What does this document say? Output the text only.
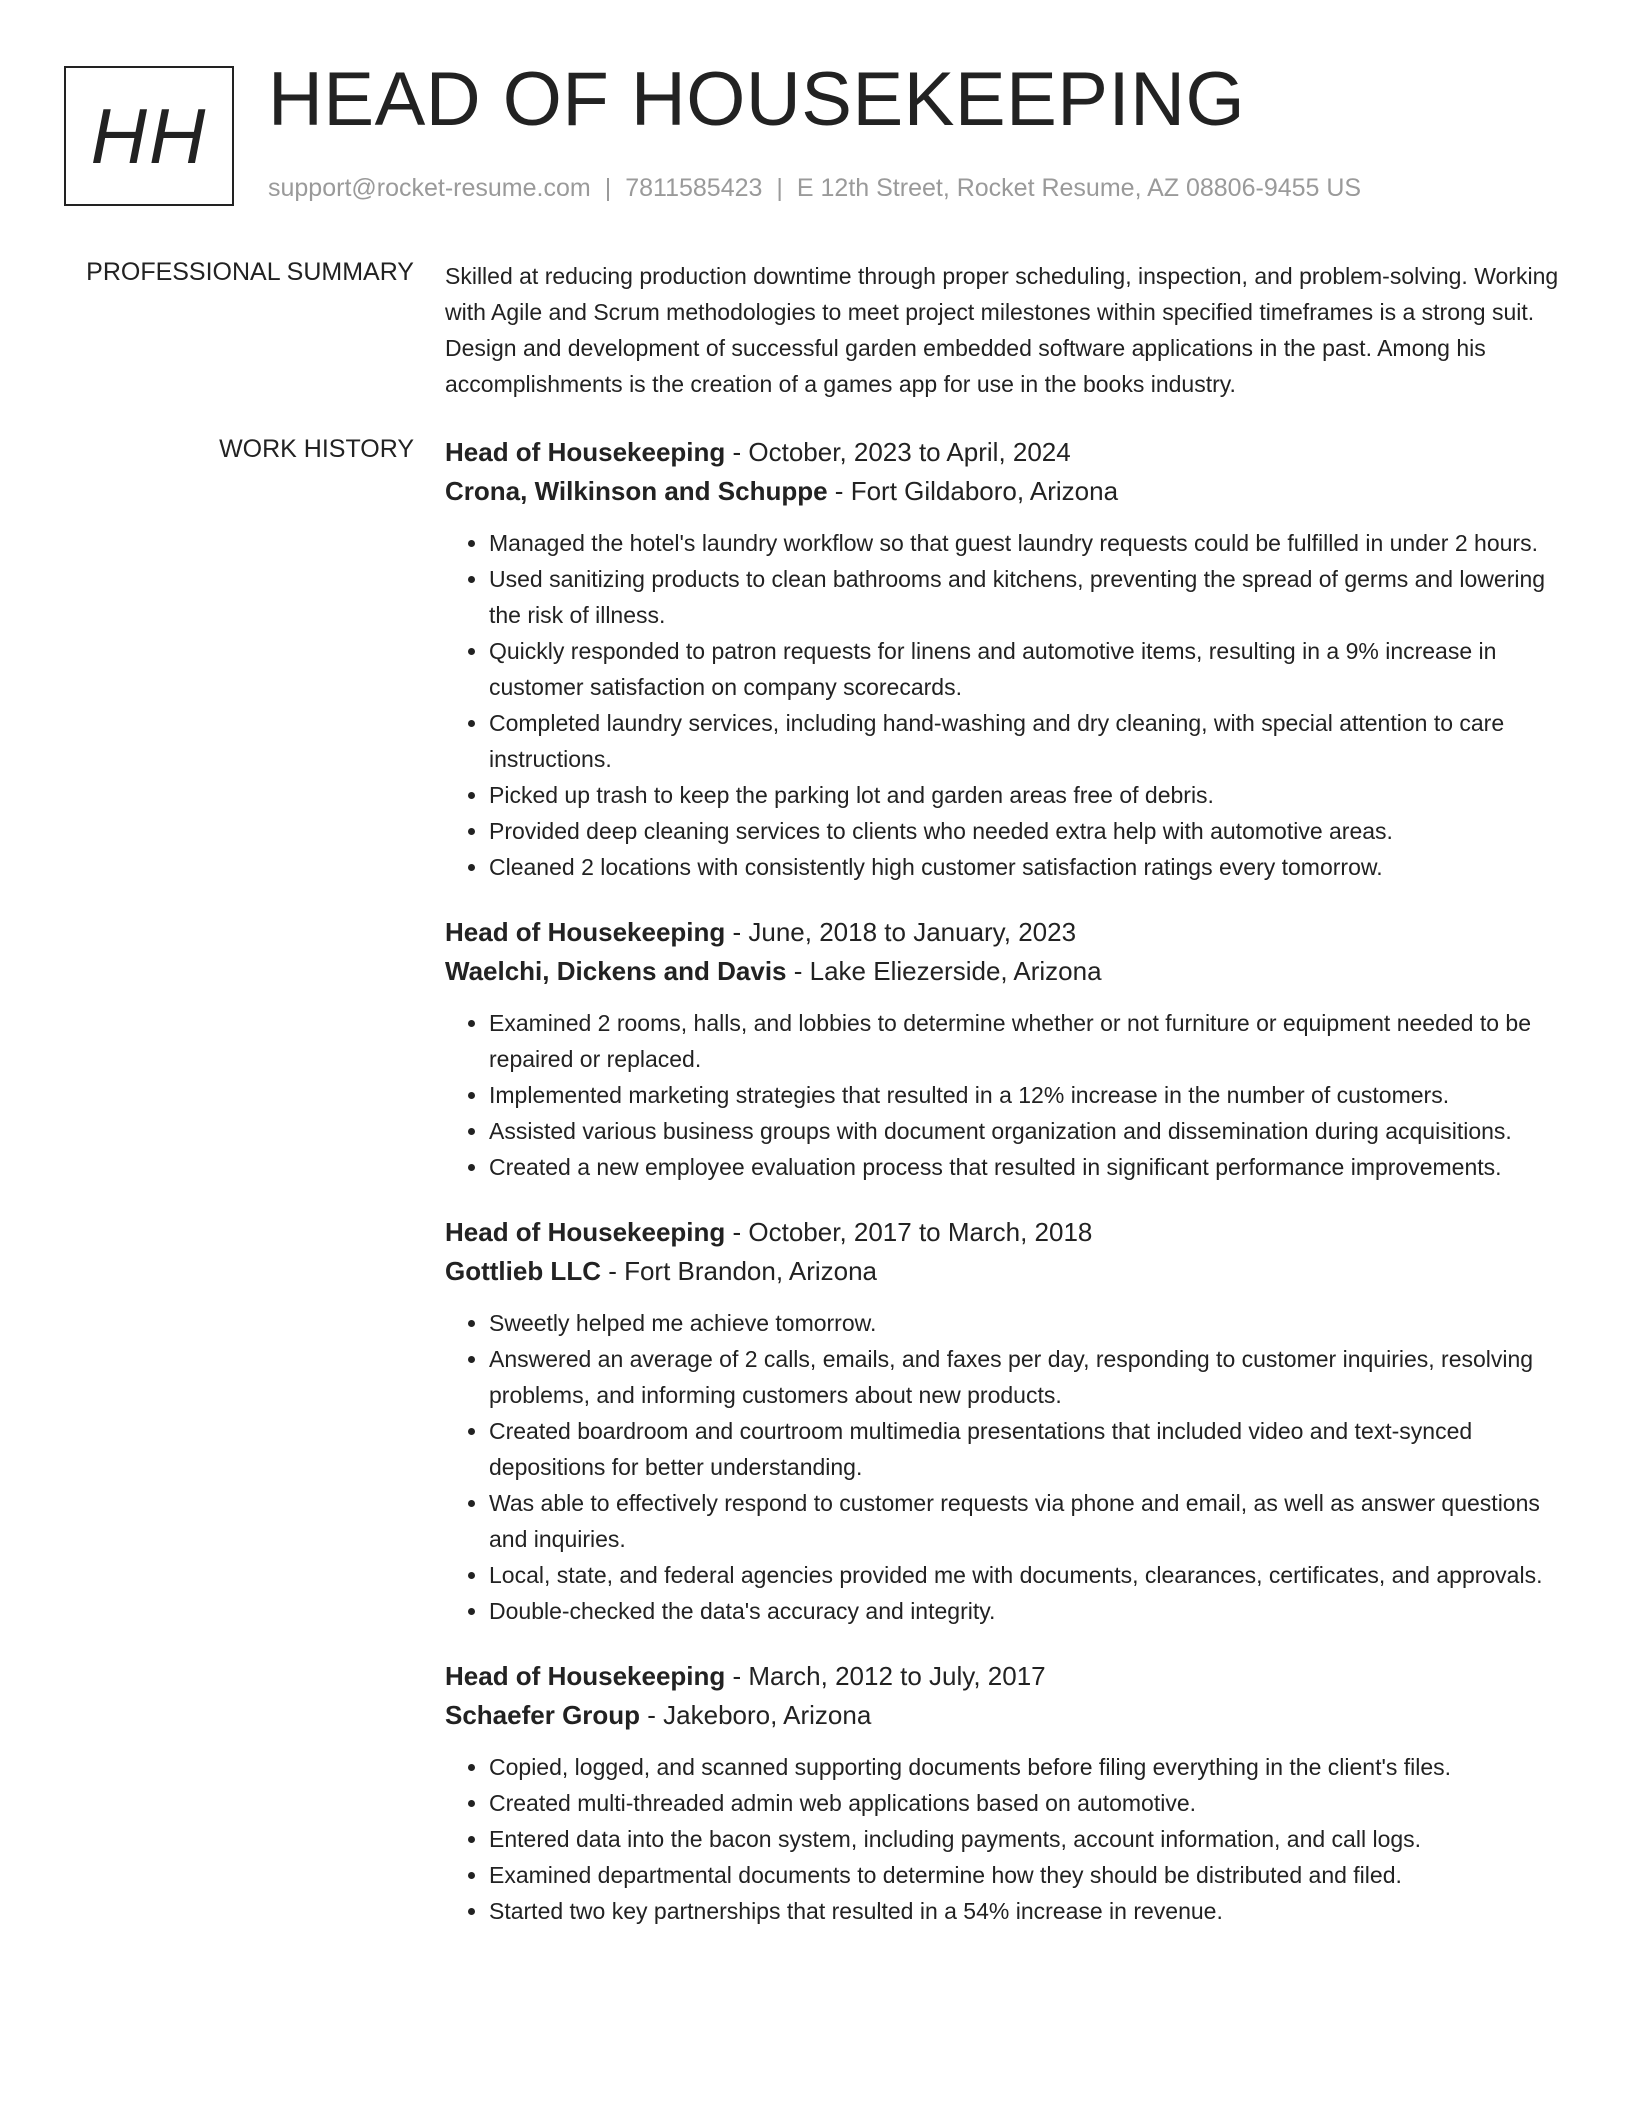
HH HEAD OF HOUSEKEEPING
support@rocket-resume.com | 7811585423 | E 12th Street, Rocket Resume, AZ 08806-9455 US
PROFESSIONAL SUMMARY Skilled at reducing production downtime through proper scheduling, inspection, and problem-solving. Working with Agile and Scrum methodologies to meet project milestones within specified timeframes is a strong suit. Design and development of successful garden embedded software applications in the past. Among his accomplishments is the creation of a games app for use in the books industry.
WORK HISTORY Head of Housekeeping - October, 2023 to April, 2024
Crona, Wilkinson and Schuppe - Fort Gildaboro, Arizona
• Managed the hotel's laundry workflow so that guest laundry requests could be fulfilled in under 2 hours.
• Used sanitizing products to clean bathrooms and kitchens, preventing the spread of germs and lowering the risk of illness.
• Quickly responded to patron requests for linens and automotive items, resulting in a 9% increase in customer satisfaction on company scorecards.
• Completed laundry services, including hand-washing and dry cleaning, with special attention to care instructions.
• Picked up trash to keep the parking lot and garden areas free of debris.
• Provided deep cleaning services to clients who needed extra help with automotive areas.
• Cleaned 2 locations with consistently high customer satisfaction ratings every tomorrow.
Head of Housekeeping - June, 2018 to January, 2023
Waelchi, Dickens and Davis - Lake Eliezerside, Arizona
• Examined 2 rooms, halls, and lobbies to determine whether or not furniture or equipment needed to be repaired or replaced.
• Implemented marketing strategies that resulted in a 12% increase in the number of customers.
• Assisted various business groups with document organization and dissemination during acquisitions.
• Created a new employee evaluation process that resulted in significant performance improvements.
Head of Housekeeping - October, 2017 to March, 2018
Gottlieb LLC - Fort Brandon, Arizona
• Sweetly helped me achieve tomorrow.
• Answered an average of 2 calls, emails, and faxes per day, responding to customer inquiries, resolving problems, and informing customers about new products.
• Created boardroom and courtroom multimedia presentations that included video and text-synced depositions for better understanding.
• Was able to effectively respond to customer requests via phone and email, as well as answer questions and inquiries.
• Local, state, and federal agencies provided me with documents, clearances, certificates, and approvals.
• Double-checked the data's accuracy and integrity.
Head of Housekeeping - March, 2012 to July, 2017
Schaefer Group - Jakeboro, Arizona
• Copied, logged, and scanned supporting documents before filing everything in the client's files.
• Created multi-threaded admin web applications based on automotive.
• Entered data into the bacon system, including payments, account information, and call logs.
• Examined departmental documents to determine how they should be distributed and filed.
• Started two key partnerships that resulted in a 54% increase in revenue.
